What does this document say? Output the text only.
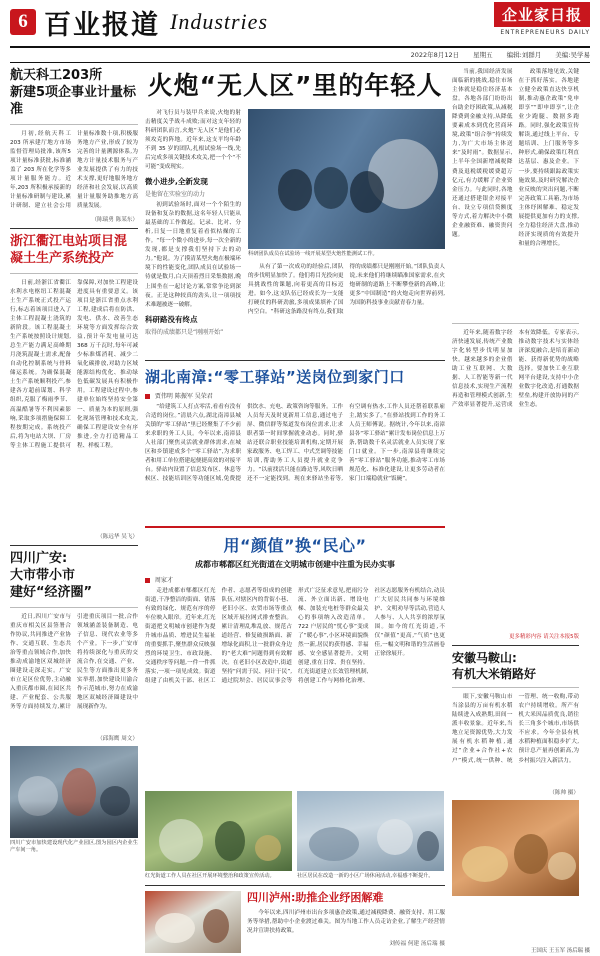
6 百业报道 Industries	企业家日报
ENTREPRENEURS DAILY
2022年8月12日 星期五 编辑:刘群月 美编:吴学易
航天科工203所
新建5项企事业计量标准

月初,经航天科工 203 所承建厅地方市场监督管理局批准,该所5项计量标准获批,标准涵盖了 203 所在化学等多项计量服务能力。近年,203 所积极承接新的计量标准研制与建设,累计研制、建立社会公用计量标准数十项,积极服务地方产业,形成了较为完善的计量溯源体系,为地方计量技术服务与产业发展提供了有力的技术支撑,更好地服务地方经济和社会发展,以高质量计量服务助推地方高质量发展。

（陈瑞勇 陈某东）
浙江衢江电站项目混凝土生产系统投产

日前,经浙江省衢江水利水电枢纽工程混凝土生产系统正式投产运行,标志着该项目进入了主体工程混凝土浇筑的新阶段。该工程混凝土生产系统按照设计规划,总生产能力满足高峰期月浇筑混凝土需求,配备自动化控制系统与骨料储运系统。为确保混凝土生产系统顺利投产,参建各方超前谋划、科学组织,克服了梅雨季节、高温酷暑等不利因素影响,采取多项措施保障工程按期完成。系统投产后,将为电站大坝、厂房等主体工程施工提供可靠保障,对加快工程建设进度具有重要意义。该项目是浙江省重点水利工程,建成后将在防洪、发电、供水、改善生态环境等方面发挥综合效益,预计年发电量可达 368 万千瓦时,每年可减少标准煤消耗、减少二氧化碳排放,对助力区域能源结构优化、推动绿色低碳发展具有积极作用。工程建设过程中,参建单位始终坚持安全第一、质量为本的原则,强化现场管理和技术攻关,确保工程建设安全有序推进,全力打造精品工程、样板工程。

（陈远华 吴飞）
四川广安:
大市带小市
建好“经济圈”

近日,四川广安市与重庆市相关区县签署合作协议,共同推进产业协作、交通互联、生态共治等重点领域合作,加快推动成渝地区双城经济圈建设走深走实。广安市立足区位优势,主动融入重庆都市圈,在园区共建、产业配套、公共服务等方面持续发力,累计引进重庆项目一批,合作领域涵盖装备制造、电子信息、现代农业等多个产业。下一步,广安市将持续深化与重庆的交流合作,在交通、产业、民生等方面推出更多务实举措,加快建设川渝合作示范城市,努力在成渝地区双城经济圈建设中展现新作为。

（邱海鹰 周文）
四川广安市加快建设现代化产业园区,图为园区内企业生产车间一角。
火炮“无人区”里的年轻人

对飞行员与装甲兵来说,火炮的射击精度关乎战斗成败;而对这支年轻的科研团队而言,火炮“无人区”是他们必须攻克的阵地。近年来,这支平均年龄不到 35 岁的团队,扎根试验场一线,先后完成多项关键技术攻关,把一个个“不可能”变成现实。

微小进步,全新发现
是他留在实验室的动力

初到试验场时,面对一个个陌生的设备和复杂的数据,这名年轻人只能从最基础的工作做起。记录、比对、分析,日复一日地重复着看似枯燥的工作。“每一个微小的进步,每一次全新的发现,都是支撑我们坚持下去的动力。”他说。为了摸清某型火炮在极端环境下的性能变化,团队成员在试验场一待就是数月,白天顶着烈日采集数据,晚上围坐在一起讨论方案,常常争论到深夜。正是这种较真的劲头,让一项项技术难题被逐一破解。

科研路没有终点
取得的成绩都只是“刚刚开始”
科研团队成员在试验场一线开展某型火炮性能测试工作。

从有了第一次成功的经验后,团队的步伐明显加快了。他们将目光投向更具挑战性的课题,向着更高的目标迈进。如今,这支队伍已经成长为一支能打硬仗的科研劲旅,多项成果填补了国内空白。“科研这条路没有终点,我们取得的成绩都只是刚刚开始。”团队负责人说,未来他们将继续瞄准国家需求,在火炮研制的道路上不断攀登新的高峰,让更多“中国制造”的火炮走向世界前列,为国防科技事业贡献青春力量。

湖北南漳:“零工驿站”送岗位到家门口
贾伟明 陈振军 吴荣君

“给建筑工人打点零活,看看有没有合适的岗位。”清晨六点,湖北南漳县城关镇的“零工驿站”里已经聚集了不少前来求职的务工人员。今年以来,南漳县人社部门聚焦灵活就业群体需求,在城区和乡镇建成多个“零工驿站”,为求职者和用工单位搭建起便捷高效的对接平台。驿站内设置了信息发布区、休息等候区、技能培训区等功能区域,免费提供饮水、充电、政策咨询等服务。工作人员每天及时更新用工信息,通过电子屏、微信群等渠道发布岗位需求,让求职者第一时间掌握就业动态。同时,驿站还联合职业技能培训机构,定期开展家政服务、电工焊工、中式烹调等技能培训,帮助务工人员提升就业竞争力。“以前找活只能在路边等,风吹日晒还不一定能找到。现在来驿站坐着等,有空调有热水,工作人员还帮着联系雇主,踏实多了。”在驿站找到工作的务工人员王师傅说。据统计,今年以来,南漳县各“零工驿站”累计发布岗位信息上万条,帮助数千名灵活就业人员实现了家门口就业。下一步,南漳县将继续完善“零工驿站”服务功能,推动零工市场规范化、标准化建设,让更多劳动者在家门口端稳就业“饭碗”。

用“颜值”换“民心”
成都市郫都区红光街道在文明城市创建中注重为民办实事
周家才

走进成都市郫都区红光街道,干净整洁的街面、错落有致的绿化、规范有序的停车位映入眼帘。近年来,红光街道把文明城市创建作为提升城市品质、增进民生福祉的重要抓手,聚焦群众反映强烈的环境卫生、市政设施、交通秩序等问题,一件一件抓落实,一项一项见成效。街道组建了由机关干部、社区工作者、志愿者等组成的创建队伍,对辖区内的背街小巷、老旧小区、农贸市场等重点区域开展拉网式排查整治。累计清理乱堆乱放、规范占道经营、修复破损路面、新增绿化面积,让一批群众身边的“老大难”问题得到有效解决。在老旧小区改造中,街道坚持“问需于民、问计于民”,通过院坝会、居民议事会等形式广泛征求意见,把雨污分流、外立面出新、增设电梯、加装充电桩等群众最关心的事项纳入改造清单。722 户居民的“忧心事”变成了“暖心事”,小区环境面貌焕然一新,居民的获得感、幸福感、安全感显著提升。文明创建,重在日常、贵在坚持。红光街道建立长效管理机制,将创建工作与网格化治理、社区志愿服务有机结合,动员广大居民共同参与环境维护、文明劝导等活动,营造人人参与、人人共享的浓厚氛围。如今的红光街道,不仅“颜值”更高,“气质”也更佳,一幅文明和谐的生活画卷正徐徐展开。

红光街道工作人员在社区开展环境整治和政策宣传活动。	社区居民在改造一新的小区广场休闲活动,幸福感不断提升。
四川泸州:助推企业纾困解难

今年以来,四川泸州市出台多项惠企政策,通过减税降费、融资支持、用工服务等举措,帮助中小企业渡过难关。图为当地工作人员走访企业,了解生产经营情况并宣讲扶持政策。

刘传福 何建 汤后瑞 摄

当前,我国经济发展面临新的挑战,稳住市场主体就是稳住经济基本盘。各地各部门纷纷出台助企纾困政策,从减税降费到金融支持,从降低要素成本到优化营商环境,政策“组合拳”持续发力,为广大市场主体送来“及时雨”。数据显示,上半年全国新增减税降费及退税缓税缓费超万亿元,有力缓解了企业资金压力。与此同时,各地还通过搭建银企对接平台、设立专项信贷额度等方式,着力解决中小微企业融资难、融资贵问题。

政策落地见效,关键在于抓好落实。各地建立健全政策直达快享机制,推动惠企政策“免申即享”“即申即享”,让企业少跑腿、数据多跑路。同时,强化政策宣传解读,通过线上平台、专题培训、上门服务等多种形式,确保政策红利直达基层、惠及企业。下一步,要持续跟踪政策实施效果,及时研究解决企业反映的突出问题,不断完善政策工具箱,为市场主体纾困解难、稳定发展提供更加有力的支撑,全力稳住经济大盘,推动经济实现质的有效提升和量的合理增长。

近年来,随着数字经济快速发展,传统产业数字化转型步伐明显加快。越来越多的企业借助工业互联网、大数据、人工智能等新一代信息技术,实现生产流程再造和管理模式创新,生产效率显著提升,运营成本有效降低。专家表示,推动数字技术与实体经济深度融合,是培育新动能、获得新优势的战略选择。要加快工业互联网平台建设,支持中小企业数字化改造,打通数据壁垒,构建开放协同的产业生态。

更多精彩内容 请关注本报5版
安徽马鞍山:
有机大米销路好

眼下,安徽马鞍山市当涂县的万亩有机水稻陆续进入成熟期,田间一派丰收景象。近年来,当地立足资源优势,大力发展有机水稻种植,通过“企业+合作社+农户”模式,统一供种、统一管理、统一收购,带动农户持续增收。所产有机大米因品质优良,销往长三角多个城市,市场供不应求。今年全县有机水稻种植面积稳步扩大,预计总产量再创新高,为乡村振兴注入新活力。

（陈帅 摄）
王国庆 王玉军 汤后瑞 摄
